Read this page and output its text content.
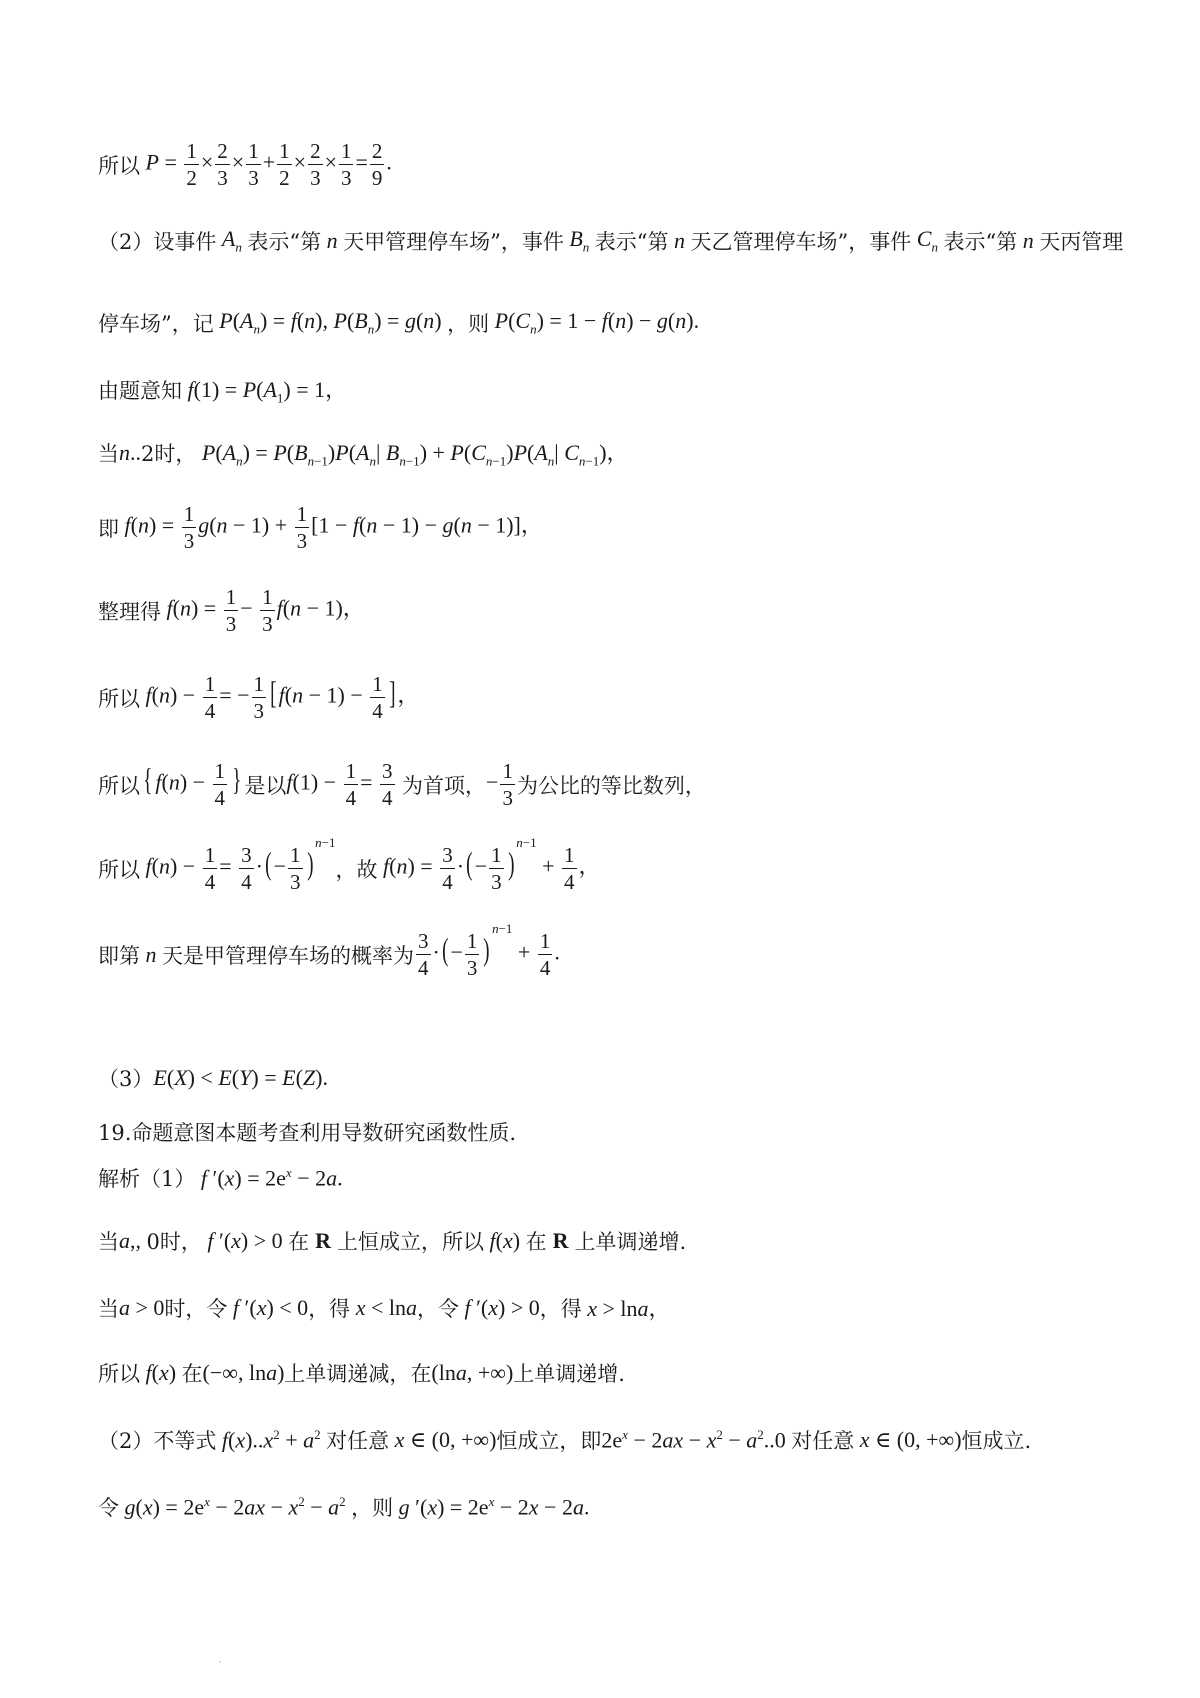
所以 $P = \frac{1}{2} \times \frac{2}{3} \times \frac{1}{3} + \frac{1}{2} \times \frac{2}{3} \times \frac{1}{3} = \frac{2}{9}$ .
（2）设事件 $A_n$ 表示“第 n 天甲管理停车场”，事件 $B_n$ 表示“第 n 天乙管理停车场”，事件 $C_n$ 表示“第 n 天丙管理
停车场”，记 $P(A_n) = f(n)$, $P(B_n) = g(n)$ ，则 $P(C_n) = 1 - f(n) - g(n)$.
由题意知 $f(1) = P(A_1) = 1$，
当 n .. 2时， $P(A_n) = P(B_{n-1})P(A_n|$ $B_{n-1}) + P(C_{n-1})P(A_n|$ $C_{n-1}$)，
即 $f(n) = \frac{1}{3} g(n - 1) + \frac{1}{3} [1 - f(n - 1) - g(n - 1)]$，
整理得 $f(n) = \frac{1}{3} - \frac{1}{3} f(n - 1)$，
所以 $f(n) - \frac{1}{4}$ = − $\frac{1}{3} [f(n - 1) - \frac{1}{4}$ ]，
所以 { $f(n) - \frac{1}{4}$ } 是以 $f(1) - \frac{1}{4} = \frac{3}{4}$
为首项， − $\frac{1}{3}$ 为公比的等比数列，
所以 $f(n) - \frac{1}{4} = \frac{3}{4}$ ·(− $\frac{1}{3} )^{n-1}$
，故 $f(n) = \frac{3}{4}$ ·(− $\frac{1}{3} )^{n-1} + \frac{1}{4}$ ，
即第 n 天是甲管理停车场的概率为 $\frac{3}{4}$ ·(− $\frac{1}{3} )^{n-1} + \frac{1}{4}$ .
（3） E(X) < E(Y) = E(Z).
19.命题意图本题考查利用导数研究函数性质.
解析（1） f $'(x) = 2e^x - 2a$.
当 a,, 0时， f ′(x) > 0 在 R 上恒成立，所以 f(x) 在 R 上单调递增.
当 a > 0 时，令 f ′(x) < 0 ，得 x < lna ，令 f ′(x) > 0 ，得 x > lna，
所以 f(x) 在 (−∞, lna) 上单调递减，在 (lna, +∞) 上单调递增.
（2）不等式 $f(x)..x^2 + a^2$ 对任意 x ∈ (0, +∞) 恒成立，即 $2e^x - 2ax - x^2 - a^2..0$ 对任意 x ∈ (0, +∞) 恒成立.
令 $g(x) = 2e^x - 2ax - x^2 - a^2$ ，则 g $'(x) = 2e^x - 2x - 2a$.
·
